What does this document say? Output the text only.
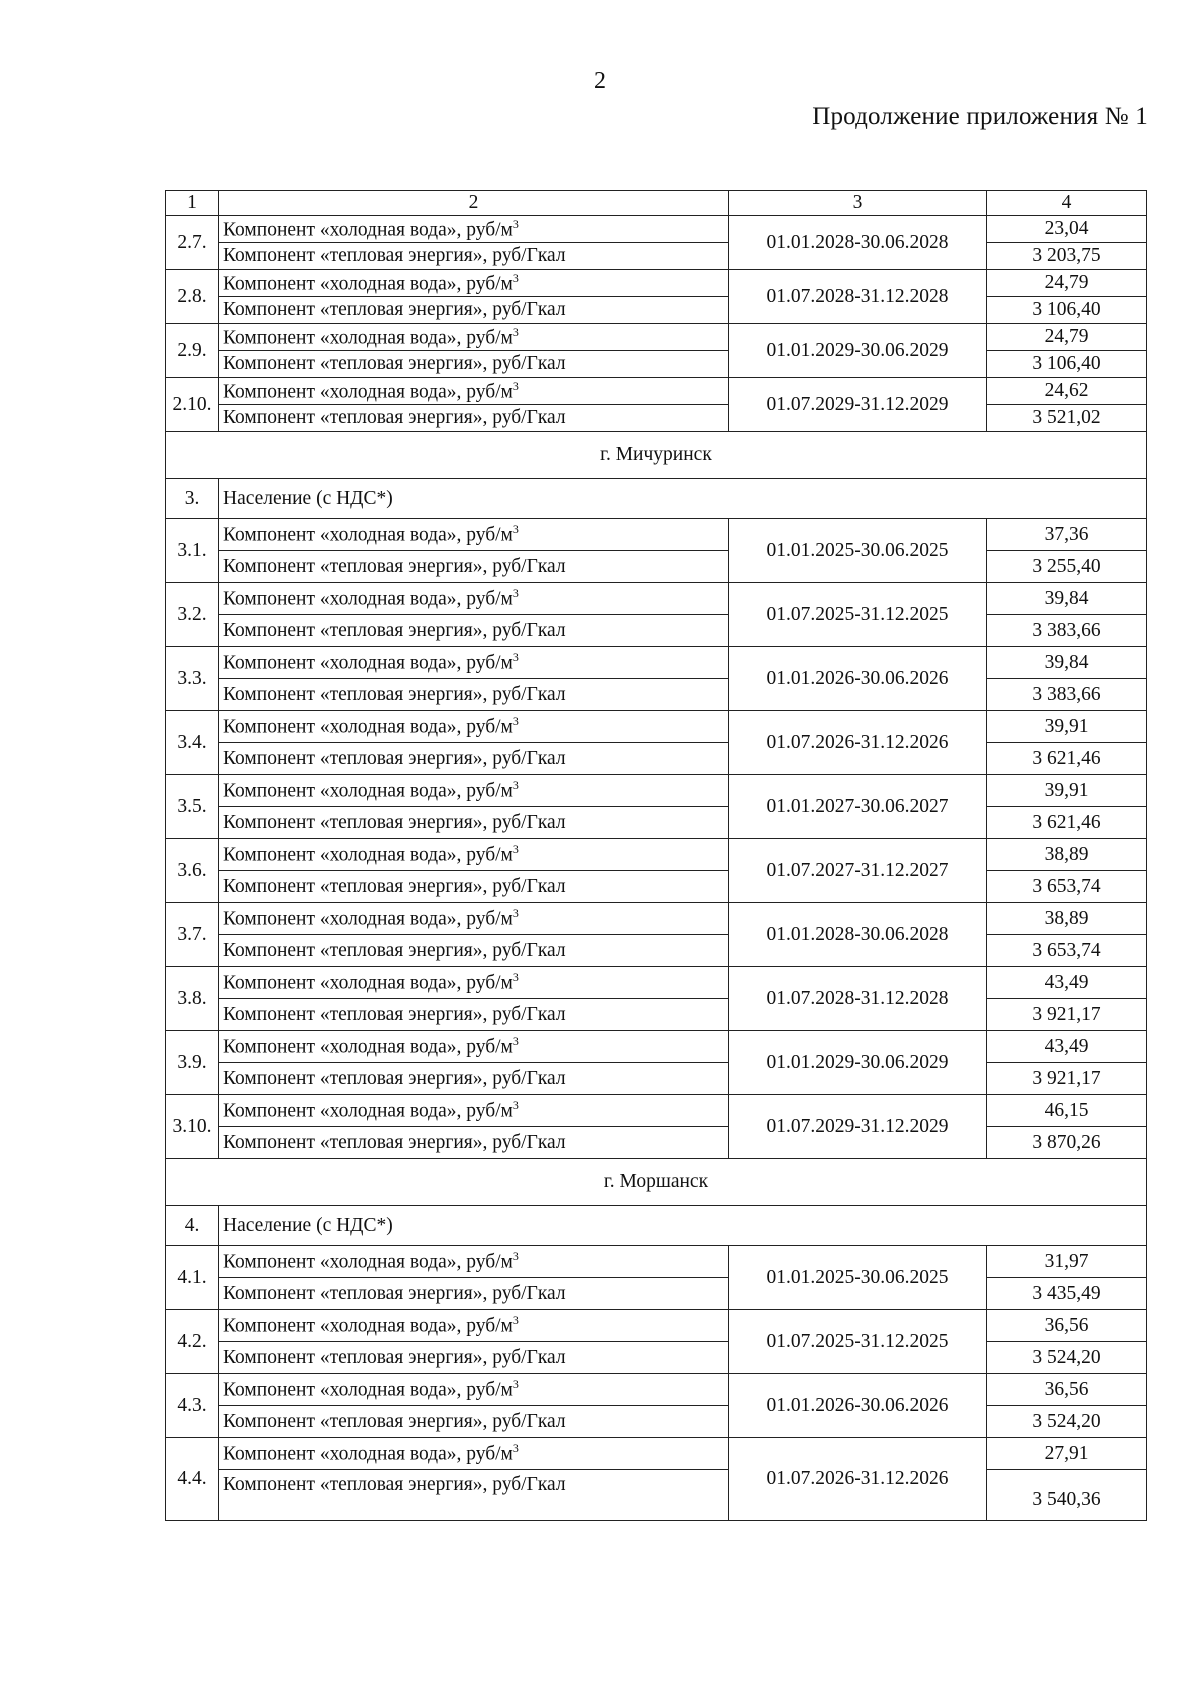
2
Продолжение приложения № 1
1	2	3	4
2.7.	Компонент «холодная вода», руб/$м^3$	01.01.2028-30.06.2028	23,04
	Компонент «тепловая энергия», руб/Гкал		3 203,75
2.8.	Компонент «холодная вода», руб/$м^3$	01.07.2028-31.12.2028	24,79
	Компонент «тепловая энергия», руб/Гкал		3 106,40
2.9.	Компонент «холодная вода», руб/$м^3$	01.01.2029-30.06.2029	24,79
	Компонент «тепловая энергия», руб/Гкал		3 106,40
2.10.	Компонент «холодная вода», руб/$м^3$	01.07.2029-31.12.2029	24,62
	Компонент «тепловая энергия», руб/Гкал		3 521,02
г. Мичуринск			
3.	Население (с НДС*)		
3.1.	Компонент «холодная вода», руб/$м^3$	01.01.2025-30.06.2025	37,36
	Компонент «тепловая энергия», руб/Гкал		3 255,40
3.2.	Компонент «холодная вода», руб/$м^3$	01.07.2025-31.12.2025	39,84
	Компонент «тепловая энергия», руб/Гкал		3 383,66
3.3.	Компонент «холодная вода», руб/$м^3$	01.01.2026-30.06.2026	39,84
	Компонент «тепловая энергия», руб/Гкал		3 383,66
3.4.	Компонент «холодная вода», руб/$м^3$	01.07.2026-31.12.2026	39,91
	Компонент «тепловая энергия», руб/Гкал		3 621,46
3.5.	Компонент «холодная вода», руб/$м^3$	01.01.2027-30.06.2027	39,91
	Компонент «тепловая энергия», руб/Гкал		3 621,46
3.6.	Компонент «холодная вода», руб/$м^3$	01.07.2027-31.12.2027	38,89
	Компонент «тепловая энергия», руб/Гкал		3 653,74
3.7.	Компонент «холодная вода», руб/$м^3$	01.01.2028-30.06.2028	38,89
	Компонент «тепловая энергия», руб/Гкал		3 653,74
3.8.	Компонент «холодная вода», руб/$м^3$	01.07.2028-31.12.2028	43,49
	Компонент «тепловая энергия», руб/Гкал		3 921,17
3.9.	Компонент «холодная вода», руб/$м^3$	01.01.2029-30.06.2029	43,49
	Компонент «тепловая энергия», руб/Гкал		3 921,17
3.10.	Компонент «холодная вода», руб/$м^3$	01.07.2029-31.12.2029	46,15
	Компонент «тепловая энергия», руб/Гкал		3 870,26
г. Моршанск			
4.	Население (с НДС*)		
4.1.	Компонент «холодная вода», руб/$м^3$	01.01.2025-30.06.2025	31,97
	Компонент «тепловая энергия», руб/Гкал		3 435,49
4.2.	Компонент «холодная вода», руб/$м^3$	01.07.2025-31.12.2025	36,56
	Компонент «тепловая энергия», руб/Гкал		3 524,20
4.3.	Компонент «холодная вода», руб/$м^3$	01.01.2026-30.06.2026	36,56
	Компонент «тепловая энергия», руб/Гкал		3 524,20
4.4.	Компонент «холодная вода», руб/$м^3$	01.07.2026-31.12.2026	27,91
	Компонент «тепловая энергия», руб/Гкал		3 540,36
